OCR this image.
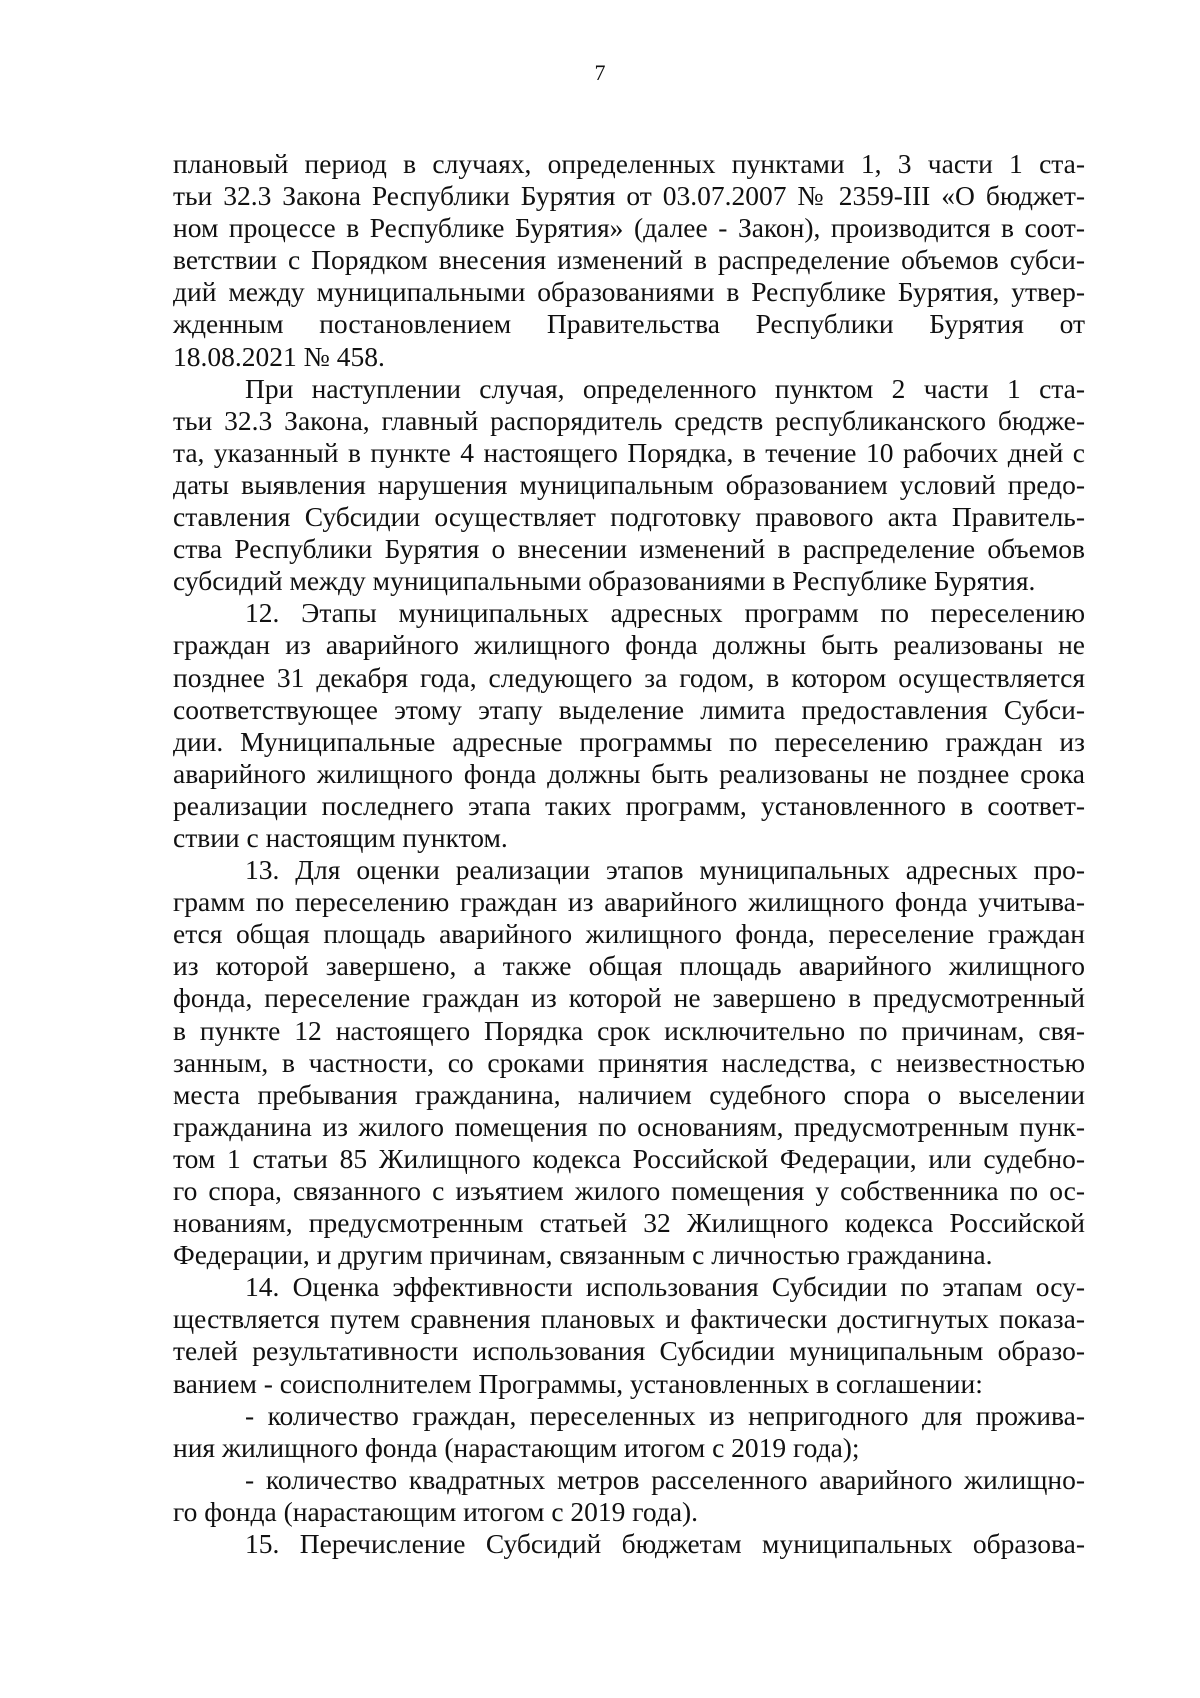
7
плановый период в случаях, определенных пунктами 1, 3 части 1 ста-
тьи 32.3 Закона Республики Бурятия от 03.07.2007 № 2359-III «О бюджет-
ном процессе в Республике Бурятия» (далее - Закон), производится в соот-
ветствии с Порядком внесения изменений в распределение объемов субси-
дий между муниципальными образованиями в Республике Бурятия, утвер-
жденным постановлением Правительства Республики Бурятия от
18.08.2021 № 458.
При наступлении случая, определенного пунктом 2 части 1 ста-
тьи 32.3 Закона, главный распорядитель средств республиканского бюдже-
та, указанный в пункте 4 настоящего Порядка, в течение 10 рабочих дней с
даты выявления нарушения муниципальным образованием условий предо-
ставления Субсидии осуществляет подготовку правового акта Правитель-
ства Республики Бурятия о внесении изменений в распределение объемов
субсидий между муниципальными образованиями в Республике Бурятия.
12. Этапы муниципальных адресных программ по переселению
граждан из аварийного жилищного фонда должны быть реализованы не
позднее 31 декабря года, следующего за годом, в котором осуществляется
соответствующее этому этапу выделение лимита предоставления Субси-
дии. Муниципальные адресные программы по переселению граждан из
аварийного жилищного фонда должны быть реализованы не позднее срока
реализации последнего этапа таких программ, установленного в соответ-
ствии с настоящим пунктом.
13. Для оценки реализации этапов муниципальных адресных про-
грамм по переселению граждан из аварийного жилищного фонда учитыва-
ется общая площадь аварийного жилищного фонда, переселение граждан
из которой завершено, а также общая площадь аварийного жилищного
фонда, переселение граждан из которой не завершено в предусмотренный
в пункте 12 настоящего Порядка срок исключительно по причинам, свя-
занным, в частности, со сроками принятия наследства, с неизвестностью
места пребывания гражданина, наличием судебного спора о выселении
гражданина из жилого помещения по основаниям, предусмотренным пунк-
том 1 статьи 85 Жилищного кодекса Российской Федерации, или судебно-
го спора, связанного с изъятием жилого помещения у собственника по ос-
нованиям, предусмотренным статьей 32 Жилищного кодекса Российской
Федерации, и другим причинам, связанным с личностью гражданина.
14. Оценка эффективности использования Субсидии по этапам осу-
ществляется путем сравнения плановых и фактически достигнутых показа-
телей результативности использования Субсидии муниципальным образо-
ванием - соисполнителем Программы, установленных в соглашении:
- количество граждан, переселенных из непригодного для прожива-
ния жилищного фонда (нарастающим итогом с 2019 года);
- количество квадратных метров расселенного аварийного жилищно-
го фонда (нарастающим итогом с 2019 года).
15. Перечисление Субсидий бюджетам муниципальных образова-
